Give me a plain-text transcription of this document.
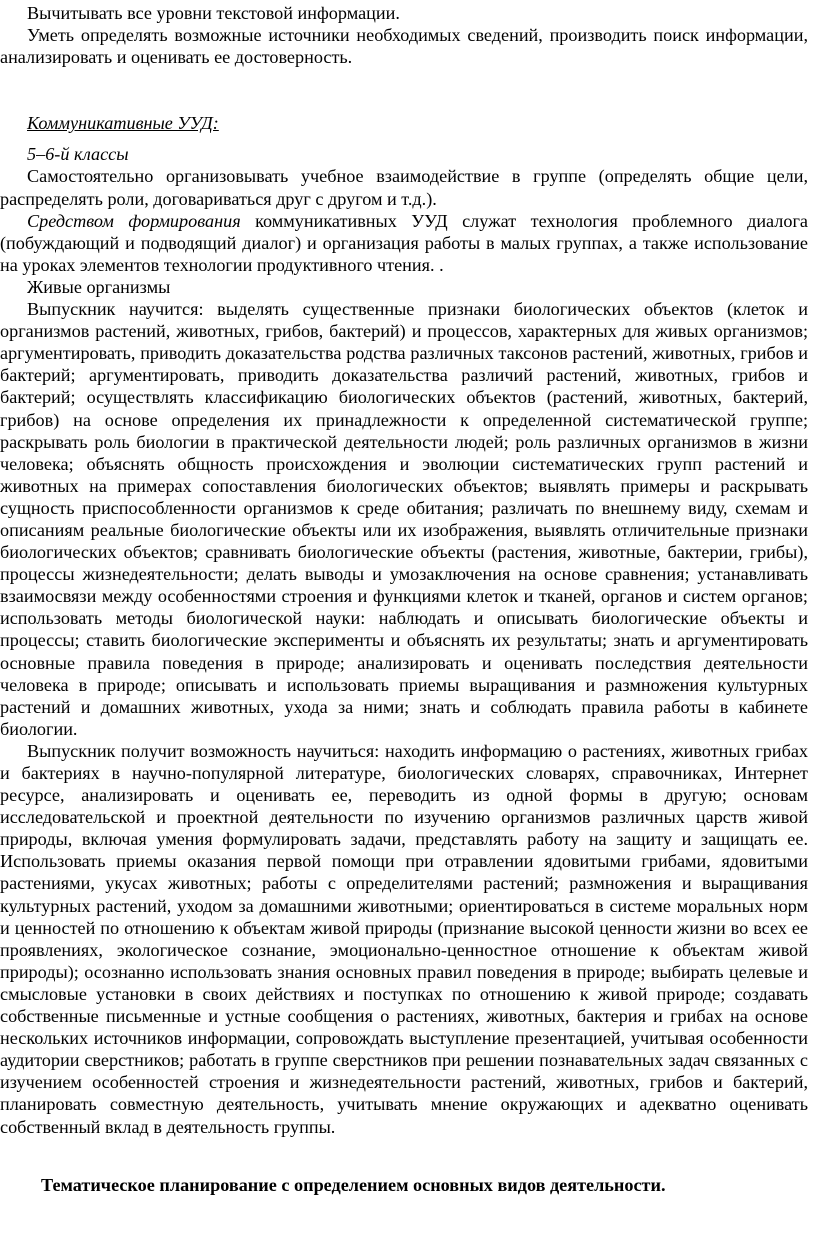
Вычитывать все уровни текстовой информации.

Уметь определять возможные источники необходимых сведений, производить поиск информации, анализировать и оценивать ее достоверность.

Коммуникативные УУД:

5–6-й классы

Самостоятельно организовывать учебное взаимодействие в группе (определять общие цели, распределять роли, договариваться друг с другом и т.д.).

Средством формирования коммуникативных УУД служат технология проблемного диалога (побуждающий и подводящий диалог) и организация работы в малых группах, а также использование на уроках элементов технологии продуктивного чтения. .

Живые организмы

Выпускник научится: выделять существенные признаки биологических объектов (клеток и организмов растений, животных, грибов, бактерий) и процессов, характерных для живых организмов; аргументировать, приводить доказательства родства различных таксонов растений, животных, грибов и бактерий; аргументировать, приводить доказательства различий растений, животных, грибов и бактерий; осуществлять классификацию биологических объектов (растений, животных, бактерий, грибов) на основе определения их принадлежности к определенной систематической группе; раскрывать роль биологии в практической деятельности людей; роль различных организмов в жизни человека; объяснять общность происхождения и эволюции систематических групп растений и животных на примерах сопоставления биологических объектов; выявлять примеры и раскрывать сущность приспособленности организмов к среде обитания; различать по внешнему виду, схемам и описаниям реальные биологические объекты или их изображения, выявлять отличительные признаки биологических объектов; сравнивать биологические объекты (растения, животные, бактерии, грибы), процессы жизнедеятельности; делать выводы и умозаключения на основе сравнения; устанавливать взаимосвязи между особенностями строения и функциями клеток и тканей, органов и систем органов; использовать методы биологической науки: наблюдать и описывать биологические объекты и процессы; ставить биологические эксперименты и объяснять их результаты; знать и аргументировать основные правила поведения в природе; анализировать и оценивать последствия деятельности человека в природе; описывать и использовать приемы выращивания и размножения культурных растений и домашних животных, ухода за ними; знать и соблюдать правила работы в кабинете биологии.

Выпускник получит возможность научиться: находить информацию о растениях, животных грибах и бактериях в научно-популярной литературе, биологических словарях, справочниках, Интернет ресурсе, анализировать и оценивать ее, переводить из одной формы в другую; основам исследовательской и проектной деятельности по изучению организмов различных царств живой природы, включая умения формулировать задачи, представлять работу на защиту и защищать ее. Использовать приемы оказания первой помощи при отравлении ядовитыми грибами, ядовитыми растениями, укусах животных; работы с определителями растений; размножения и выращивания культурных растений, уходом за домашними животными; ориентироваться в системе моральных норм и ценностей по отношению к объектам живой природы (признание высокой ценности жизни во всех ее проявлениях, экологическое сознание, эмоционально-ценностное отношение к объектам живой природы); осознанно использовать знания основных правил поведения в природе; выбирать целевые и смысловые установки в своих действиях и поступках по отношению к живой природе; создавать собственные письменные и устные сообщения о растениях, животных, бактерия и грибах на основе нескольких источников информации, сопровождать выступление презентацией, учитывая особенности аудитории сверстников; работать в группе сверстников при решении познавательных задач связанных с изучением особенностей строения и жизнедеятельности растений, животных, грибов и бактерий, планировать совместную деятельность, учитывать мнение окружающих и адекватно оценивать собственный вклад в деятельность группы.

Тематическое планирование с определением основных видов деятельности.
